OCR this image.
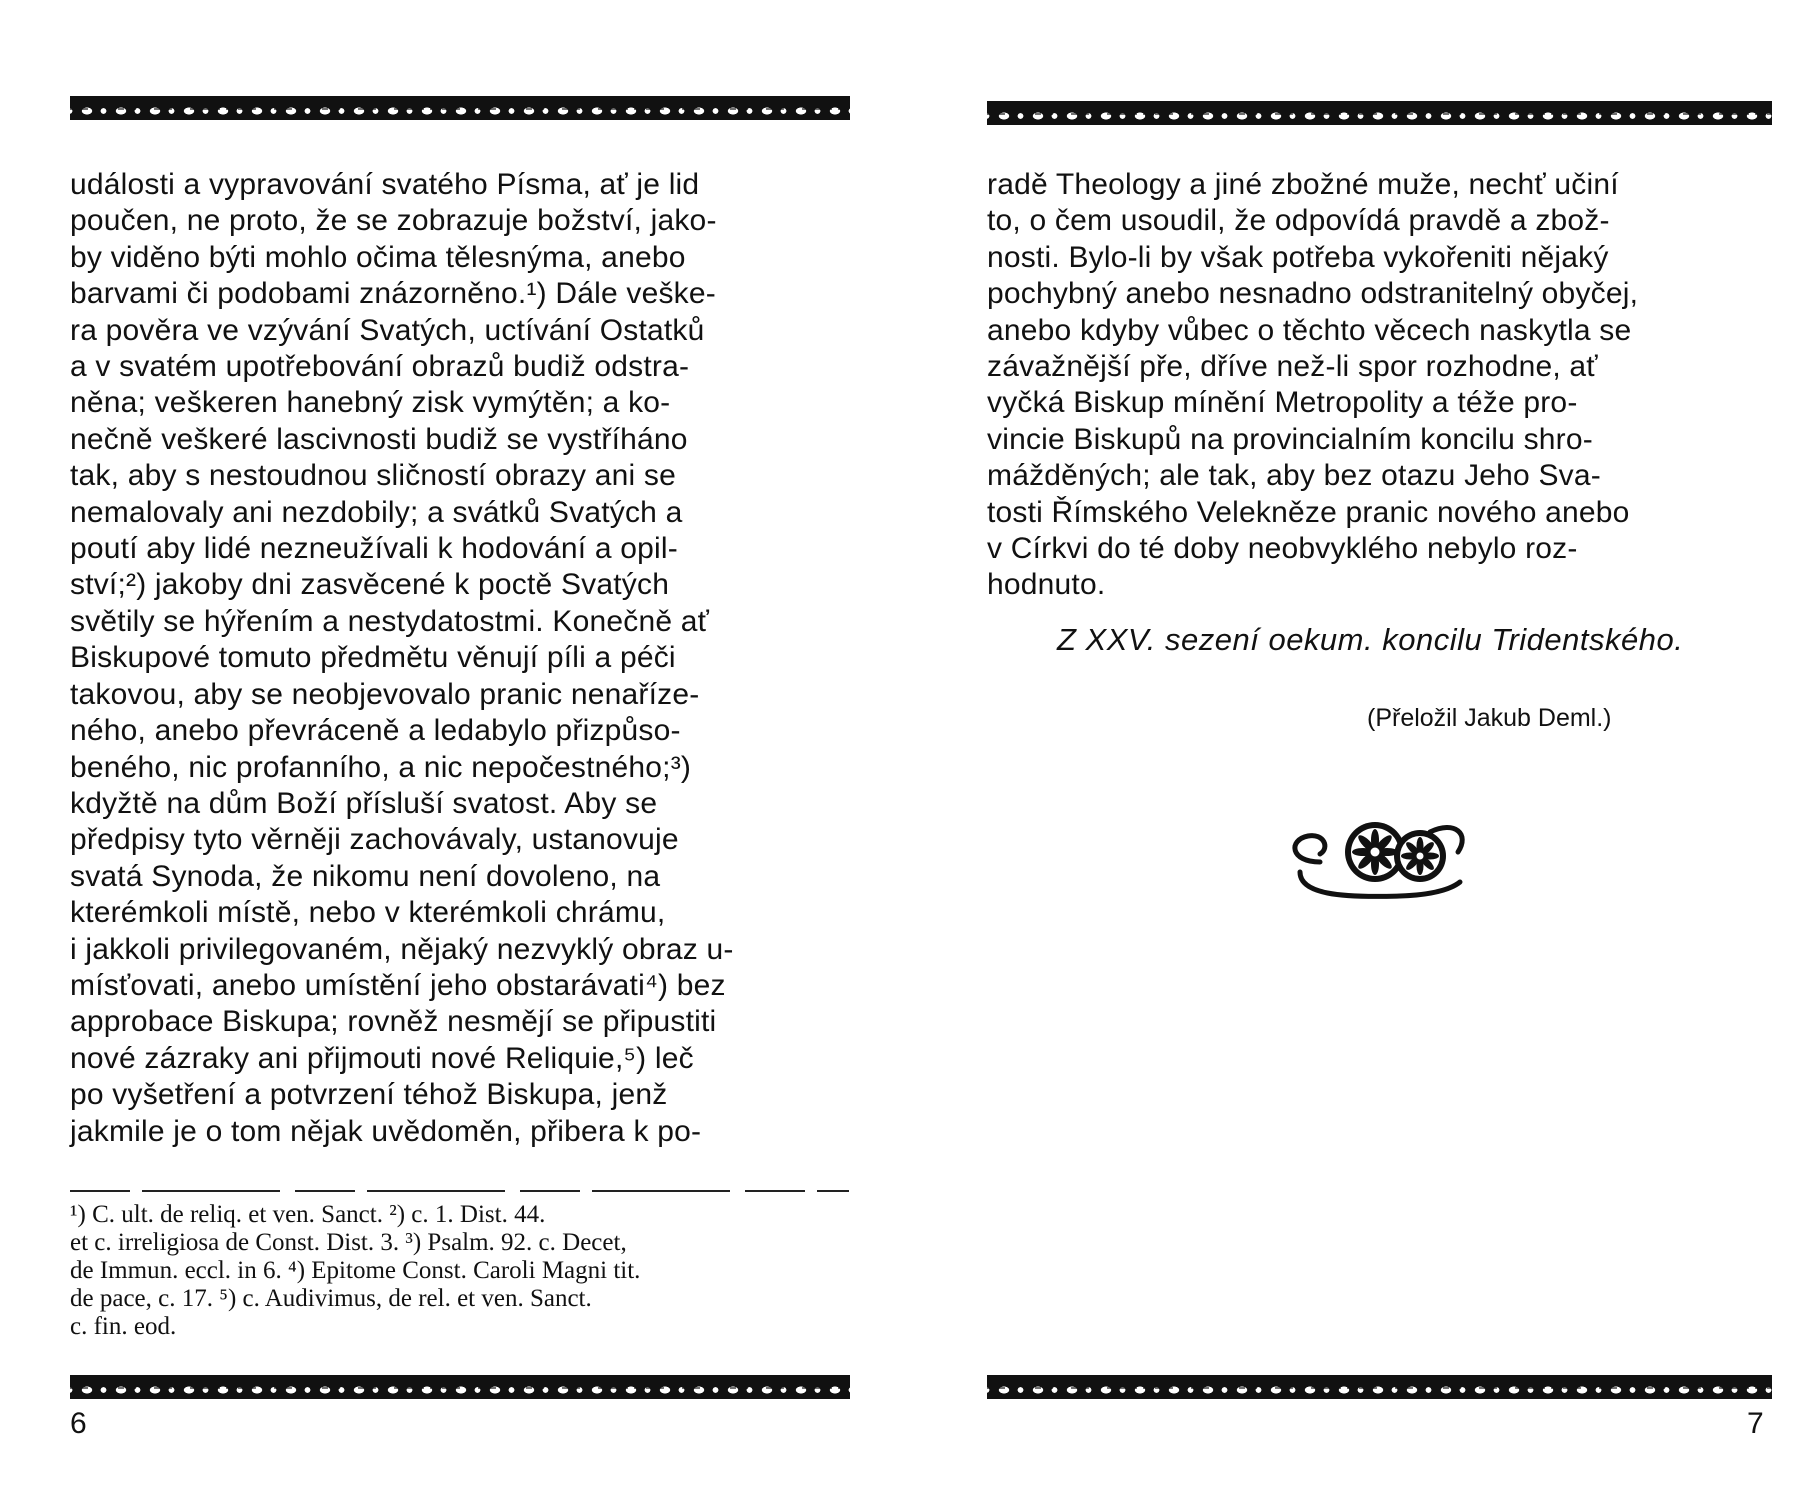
události a vypravování svatého Písma, ať je lid
poučen, ne proto, že se zobrazuje božství, jako-
by viděno býti mohlo očima tělesnýma, anebo
barvami či podobami znázorněno.¹) Dále veške-
ra pověra ve vzývání Svatých, uctívání Ostatků
a v svatém upotřebování obrazů budiž odstra-
něna; veškeren hanebný zisk vymýtěn; a ko-
nečně veškeré lascivnosti budiž se vystříháno
tak, aby s nestoudnou sličností obrazy ani se
nemalovaly ani nezdobily; a svátků Svatých a
poutí aby lidé nezneužívali k hodování a opil-
ství;²) jakoby dni zasvěcené k poctě Svatých
světily se hýřením a nestydatostmi. Konečně ať
Biskupové tomuto předmětu věnují píli a péči
takovou, aby se neobjevovalo pranic nenaříze-
ného, anebo převráceně a ledabylo přizpůso-
beného, nic profanního, a nic nepočestného;³)
kdyžtě na dům Boží přísluší svatost. Aby se
předpisy tyto věrněji zachovávaly, ustanovuje
svatá Synoda, že nikomu není dovoleno, na
kterémkoli místě, nebo v kterémkoli chrámu,
i jakkoli privilegovaném, nějaký nezvyklý obraz u-
mísťovati, anebo umístění jeho obstarávati⁴) bez
approbace Biskupa; rovněž nesmějí se připustiti
nové zázraky ani přijmouti nové Reliquie,⁵) leč
po vyšetření a potvrzení téhož Biskupa, jenž
jakmile je o tom nějak uvědoměn, přibera k po-

¹) C. ult. de reliq. et ven. Sanct. ²) c. 1. Dist. 44.
et c. irreligiosa de Const. Dist. 3. ³) Psalm. 92. c. Decet,
de Immun. eccl. in 6. ⁴) Epitome Const. Caroli Magni tit.
de pace, c. 17. ⁵) c. Audivimus, de rel. et ven. Sanct.
c. fin. eod.

6

radě Theology a jiné zbožné muže, nechť učiní
to, o čem usoudil, že odpovídá pravdě a zbož-
nosti. Bylo-li by však potřeba vykořeniti nějaký
pochybný anebo nesnadno odstranitelný obyčej,
anebo kdyby vůbec o těchto věcech naskytla se
závažnější pře, dříve než-li spor rozhodne, ať
vyčká Biskup mínění Metropolity a téže pro-
vincie Biskupů na provincialním koncilu shro-
mážděných; ale tak, aby bez otazu Jeho Sva-
tosti Římského Velekněze pranic nového anebo
v Církvi do té doby neobvyklého nebylo roz-
hodnuto.

Z XXV. sezení oekum. koncilu Tridentského.

(Přeložil Jakub Deml.)

7
